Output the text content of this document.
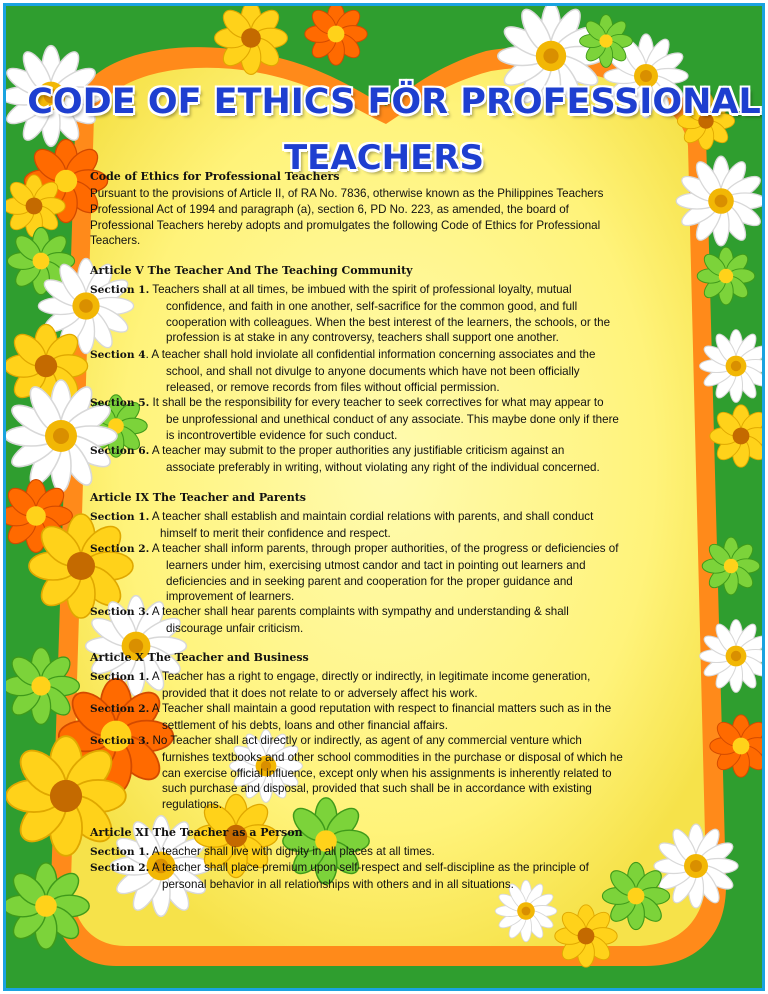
CODE OF ETHICS FÖR PROFESSIONAL
TEACHERS
Code of Ethics for Professional Teachers
Pursuant to the provisions of Article II, of RA No. 7836, otherwise known as the Philippines Teachers
Professional Act of 1994 and paragraph (a), section 6, PD No. 223, as amended, the board of
Professional Teachers hereby adopts and promulgates the following Code of Ethics for Professional
Teachers.
Article V The Teacher And The Teaching Community
Section 1. Teachers shall at all times, be imbued with the spirit of professional loyalty, mutual
confidence, and faith in one another, self-sacrifice for the common good, and full
cooperation with colleagues. When the best interest of the learners, the schools, or the
profession is at stake in any controversy, teachers shall support one another.
Section 4. A teacher shall hold inviolate all confidential information concerning associates and the
school, and shall not divulge to anyone documents which have not been officially
released, or remove records from files without official permission.
Section 5. It shall be the responsibility for every teacher to seek correctives for what may appear to
be unprofessional and unethical conduct of any associate. This maybe done only if there
is incontrovertible evidence for such conduct.
Section 6. A teacher may submit to the proper authorities any justifiable criticism against an
associate preferably in writing, without violating any right of the individual concerned.
Article IX The Teacher and Parents
Section 1. A teacher shall establish and maintain cordial relations with parents, and shall conduct
himself to merit their confidence and respect.
Section 2. A teacher shall inform parents, through proper authorities, of the progress or deficiencies of
learners under him, exercising utmost candor and tact in pointing out learners and
deficiencies and in seeking parent and cooperation for the proper guidance and
improvement of learners.
Section 3. A teacher shall hear parents complaints with sympathy and understanding & shall
discourage unfair criticism.
Article X The Teacher and Business
Section 1. A Teacher has a right to engage, directly or indirectly, in legitimate income generation,
provided that it does not relate to or adversely affect his work.
Section 2. A Teacher shall maintain a good reputation with respect to financial matters such as in the
settlement of his debts, loans and other financial affairs.
Section 3. No Teacher shall act directly or indirectly, as agent of any commercial venture which
furnishes textbooks and other school commodities in the purchase or disposal of which he
can exercise official influence, except only when his assignments is inherently related to
such purchase and disposal, provided that such shall be in accordance with existing
regulations.
Article XI The Teacher as a Person
Section 1. A teacher shall live with dignity in all places at all times.
Section 2. A teacher shall place premium upon self-respect and self-discipline as the principle of
personal behavior in all relationships with others and in all situations.
